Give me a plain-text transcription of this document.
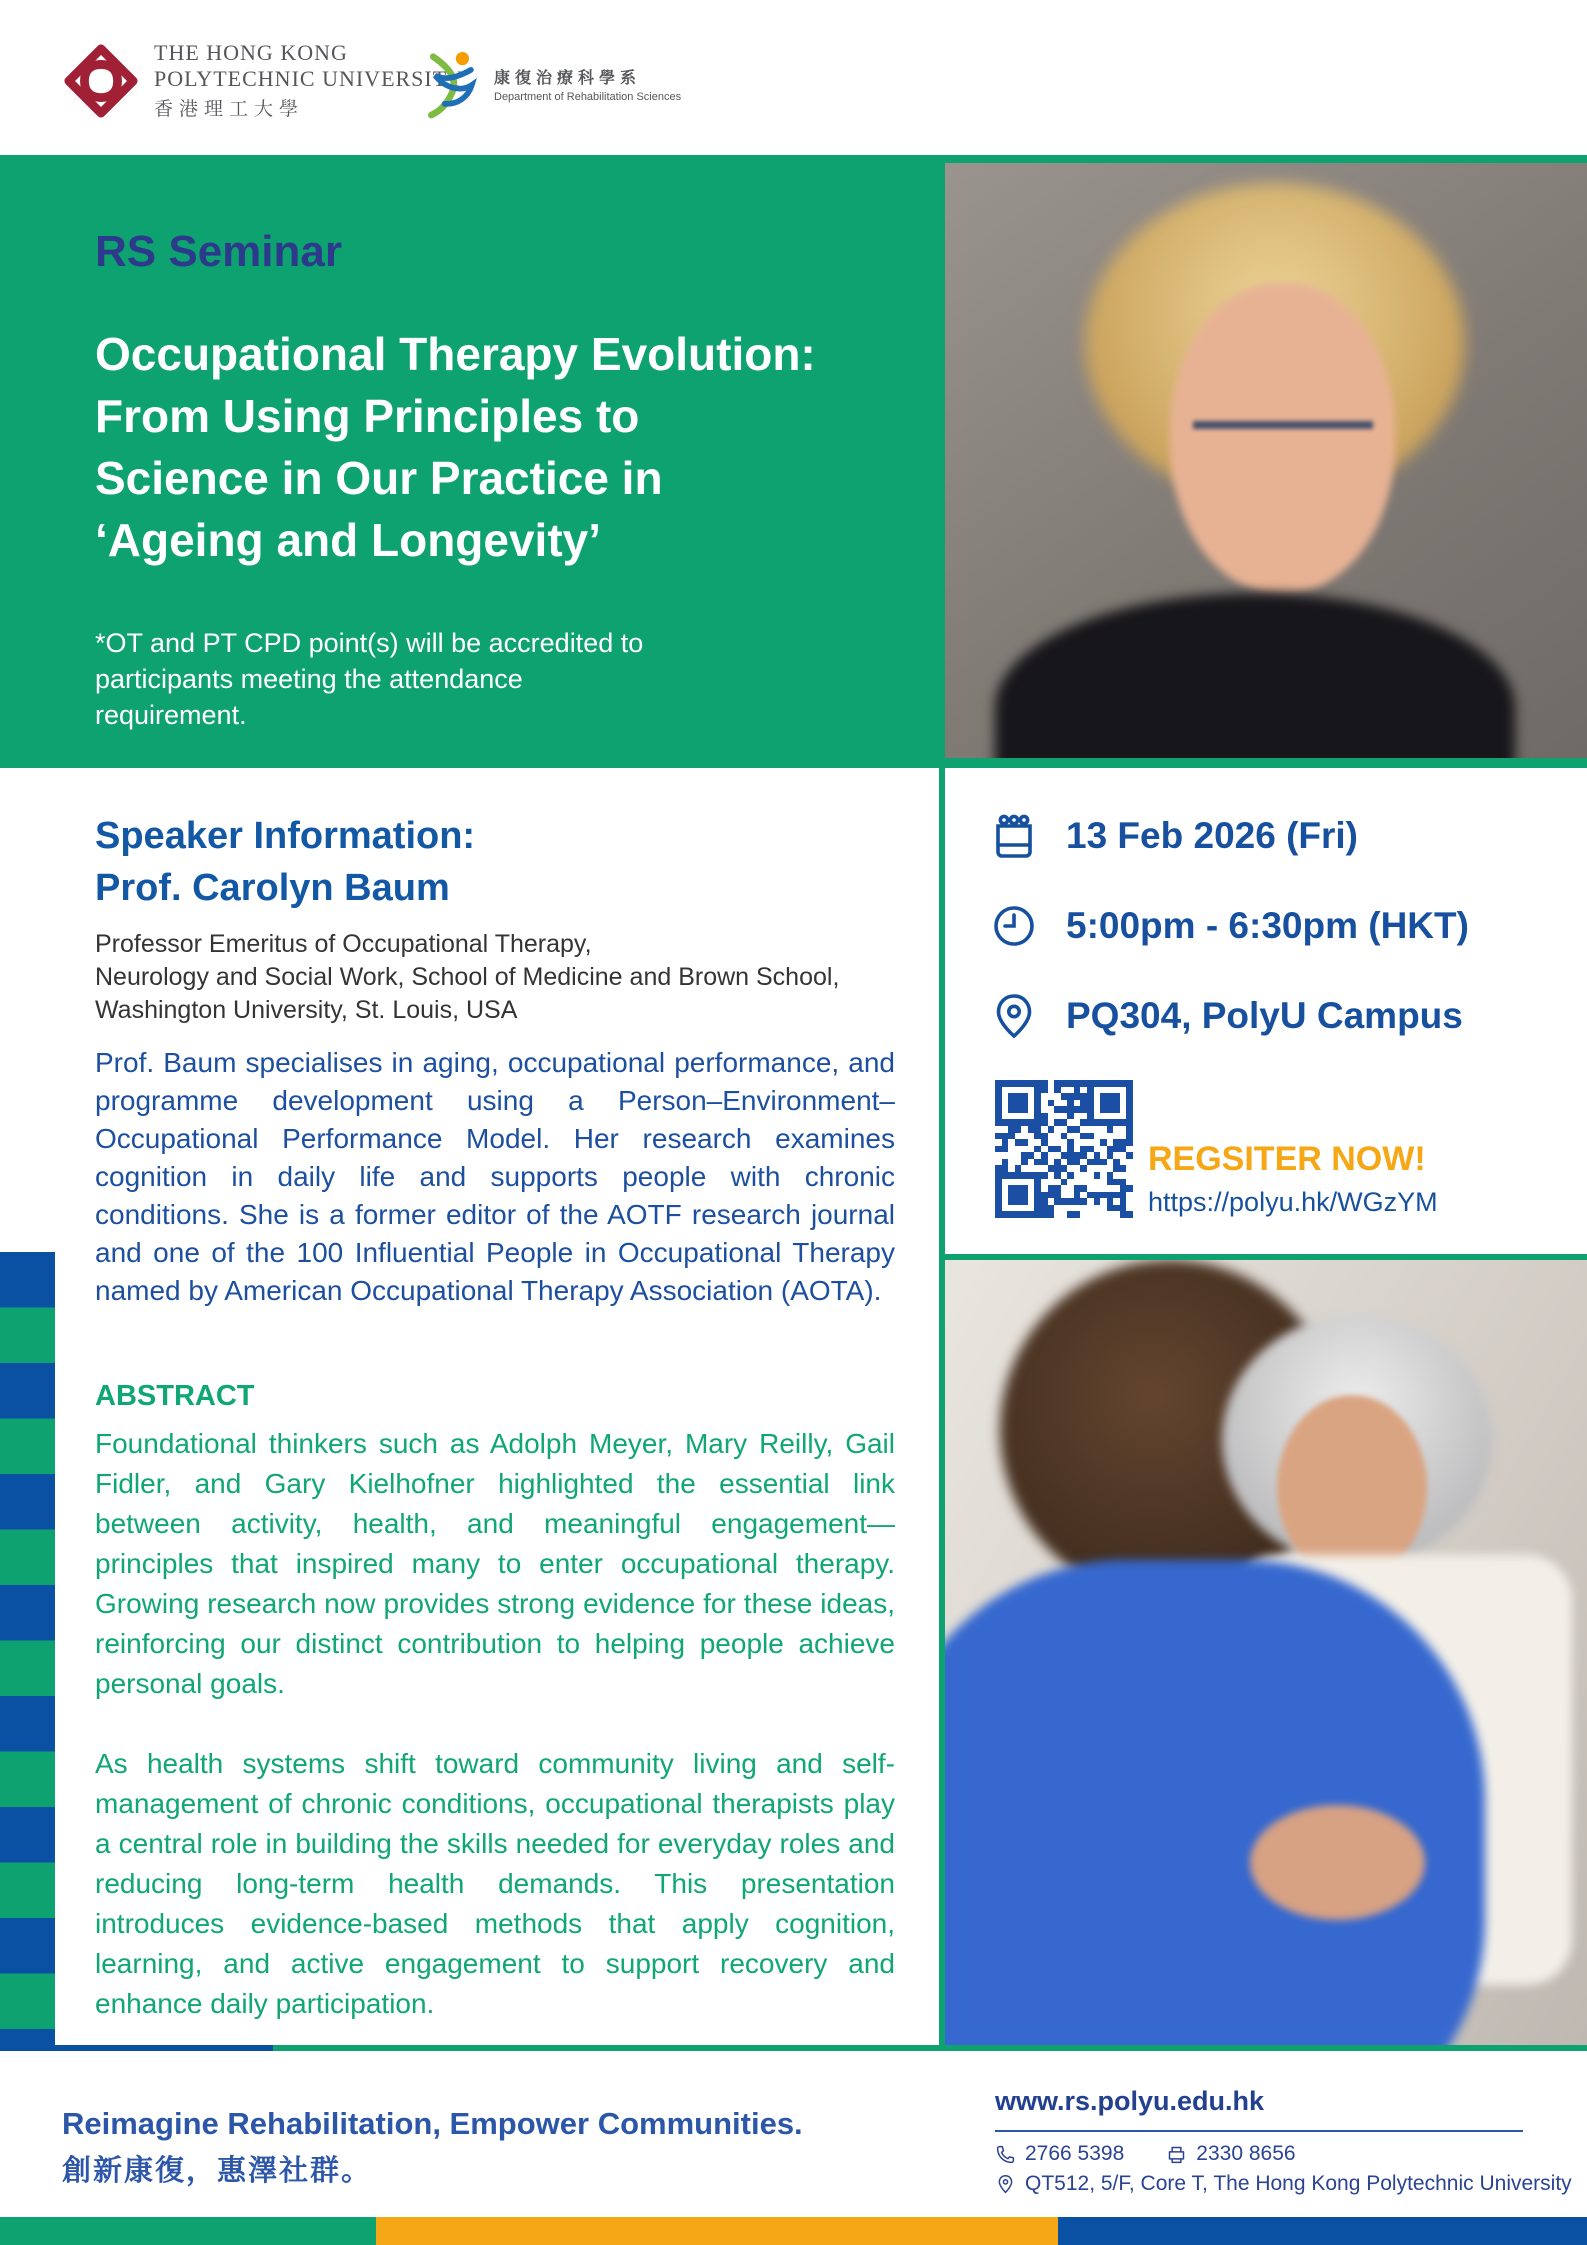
THE HONG KONG
POLYTECHNIC UNIVERSITY
香港理工大學
康復治療科學系
Department of Rehabilitation Sciences
RS Seminar
Occupational Therapy Evolution:
From Using Principles to
Science in Our Practice in
‘Ageing and Longevity’
*OT and PT CPD point(s) will be accredited to participants meeting the attendance requirement.
Speaker Information:
Prof. Carolyn Baum
Professor Emeritus of Occupational Therapy,
Neurology and Social Work, School of Medicine and Brown School,
Washington University, St. Louis, USA
Prof. Baum specialises in aging, occupational performance, and programme development using a Person–Environment–Occupational Performance Model. Her research examines cognition in daily life and supports people with chronic conditions. She is a former editor of the AOTF research journal and one of the 100 Influential People in Occupational Therapy named by American Occupational Therapy Association (AOTA).
ABSTRACT
Foundational thinkers such as Adolph Meyer, Mary Reilly, Gail Fidler, and Gary Kielhofner highlighted the essential link between activity, health, and meaningful engagement—principles that inspired many to enter occupational therapy. Growing research now provides strong evidence for these ideas, reinforcing our distinct contribution to helping people achieve personal goals.
As health systems shift toward community living and self-management of chronic conditions, occupational therapists play a central role in building the skills needed for everyday roles and reducing long-term health demands. This presentation introduces evidence-based methods that apply cognition, learning, and active engagement to support recovery and enhance daily participation.
13 Feb 2026 (Fri)
5:00pm - 6:30pm (HKT)
PQ304, PolyU Campus
REGSITER NOW!
https://polyu.hk/WGzYM
Reimagine Rehabilitation, Empower Communities.
創新康復，惠澤社群。
www.rs.polyu.edu.hk
2766 5398	2330 8656
QT512, 5/F, Core T, The Hong Kong Polytechnic University
